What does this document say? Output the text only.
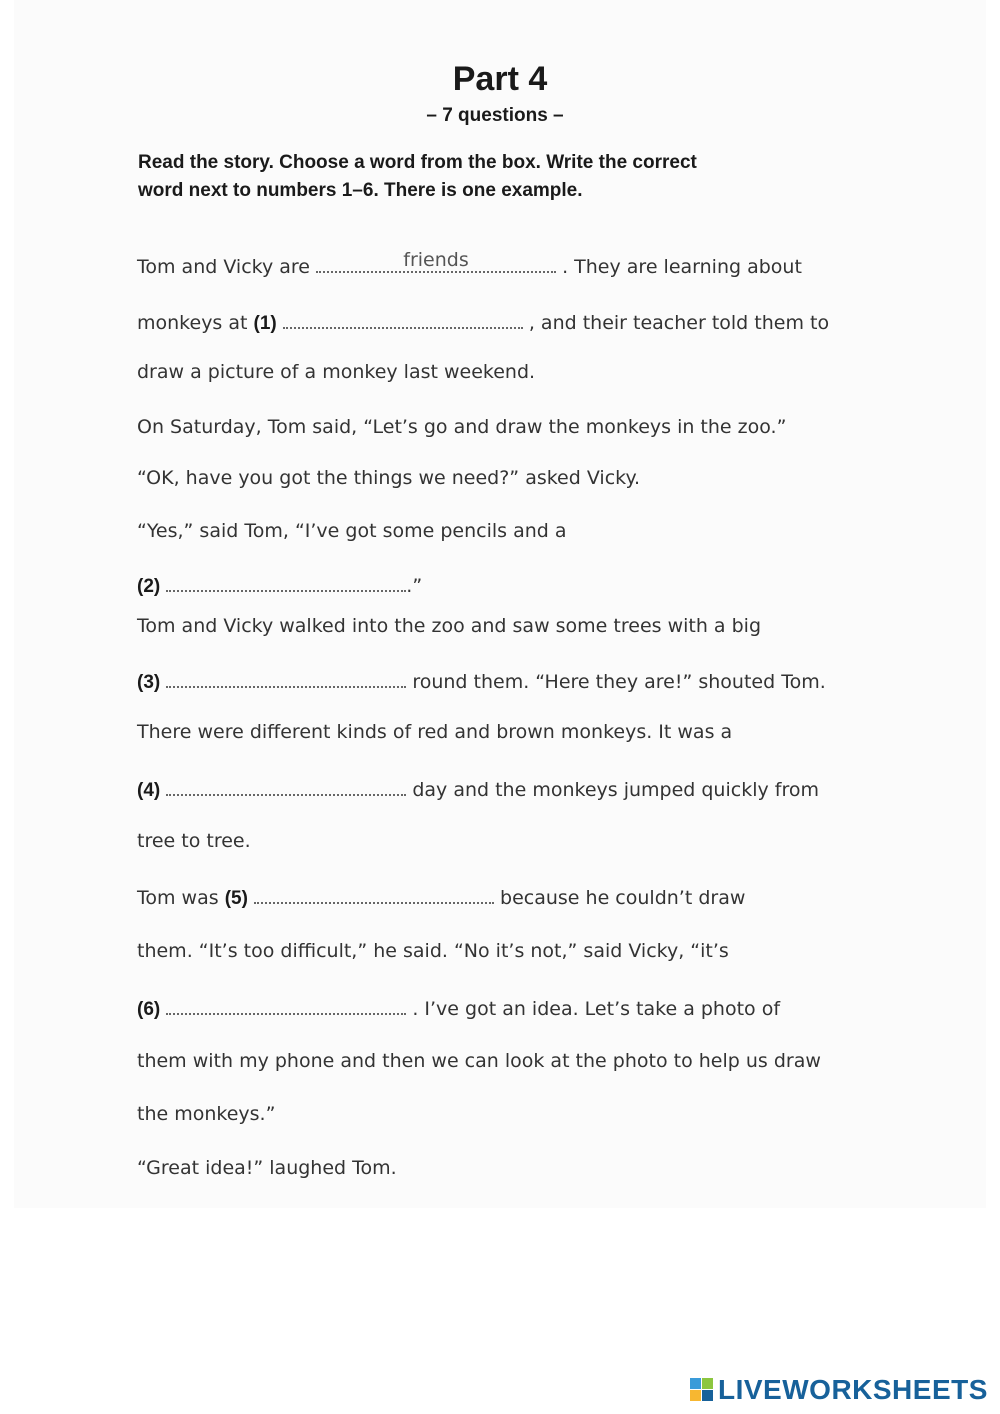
Part 4
– 7 questions –
Read the story. Choose a word from the box. Write the correct
word next to numbers 1–6. There is one example.
Tom and Vicky are	friends	. They are learning about
monkeys at (1)	, and their teacher told them to
draw a picture of a monkey last weekend.
On Saturday, Tom said, “Let’s go and draw the monkeys in the zoo.”
“OK, have you got the things we need?” asked Vicky.
“Yes,” said Tom, “I’ve got some pencils and a
(2)	.”
Tom and Vicky walked into the zoo and saw some trees with a big
(3)	round them. “Here they are!” shouted Tom.
There were different kinds of red and brown monkeys. It was a
(4)	day and the monkeys jumped quickly from
tree to tree.
Tom was (5)	because he couldn’t draw
them. “It’s too difficult,” he said. “No it’s not,” said Vicky, “it’s
(6)	. I’ve got an idea. Let’s take a photo of
them with my phone and then we can look at the photo to help us draw
the monkeys.”
“Great idea!” laughed Tom.
LIVEWORKSHEETS
